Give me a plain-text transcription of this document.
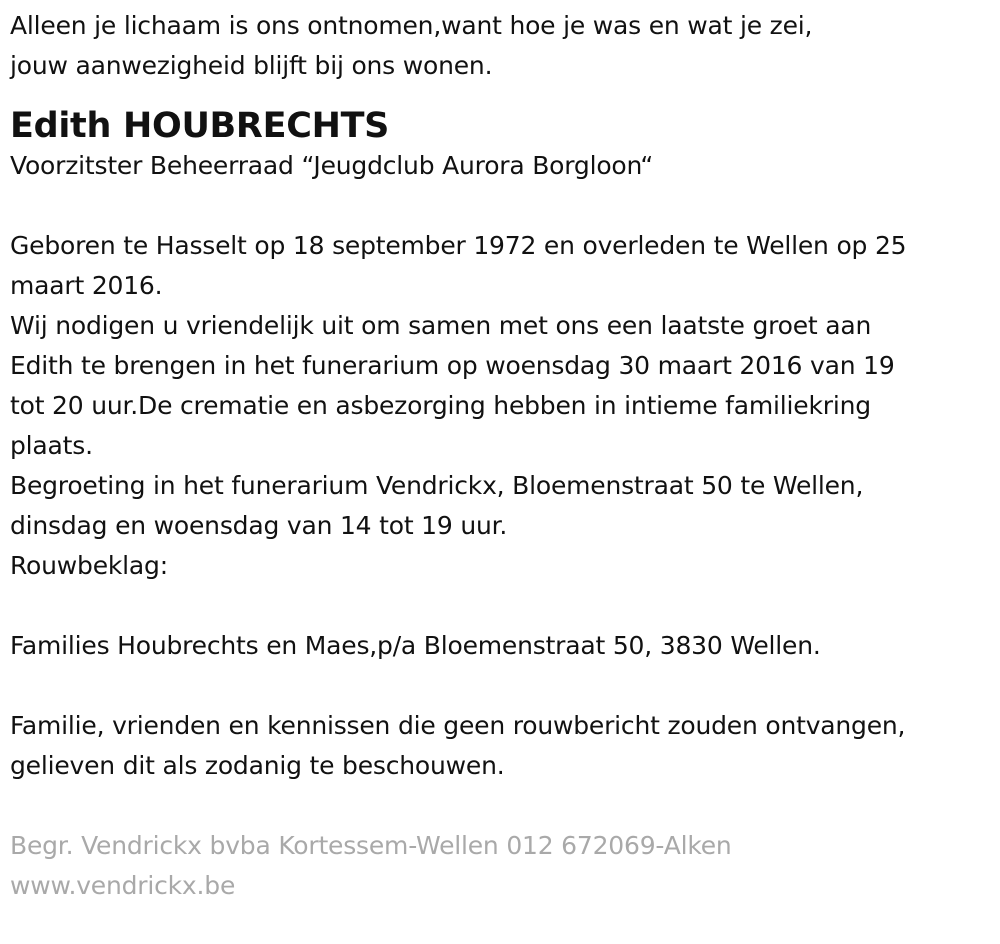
Alleen je lichaam is ons ontnomen,want hoe je was en wat je zei,
jouw aanwezigheid blijft bij ons wonen.
Edith HOUBRECHTS
Voorzitster Beheerraad “Jeugdclub Aurora Borgloon“
Geboren te Hasselt op 18 september 1972 en overleden te Wellen op 25
maart 2016.
Wij nodigen u vriendelijk uit om samen met ons een laatste groet aan
Edith te brengen in het funerarium op woensdag 30 maart 2016 van 19
tot 20 uur.De crematie en asbezorging hebben in intieme familiekring
plaats.
Begroeting in het funerarium Vendrickx, Bloemenstraat 50 te Wellen,
dinsdag en woensdag van 14 tot 19 uur.
Rouwbeklag:
Families Houbrechts en Maes,p/a Bloemenstraat 50, 3830 Wellen.
Familie, vrienden en kennissen die geen rouwbericht zouden ontvangen,
gelieven dit als zodanig te beschouwen.
Begr. Vendrickx bvba Kortessem-Wellen 012 672069-Alken
www.vendrickx.be
